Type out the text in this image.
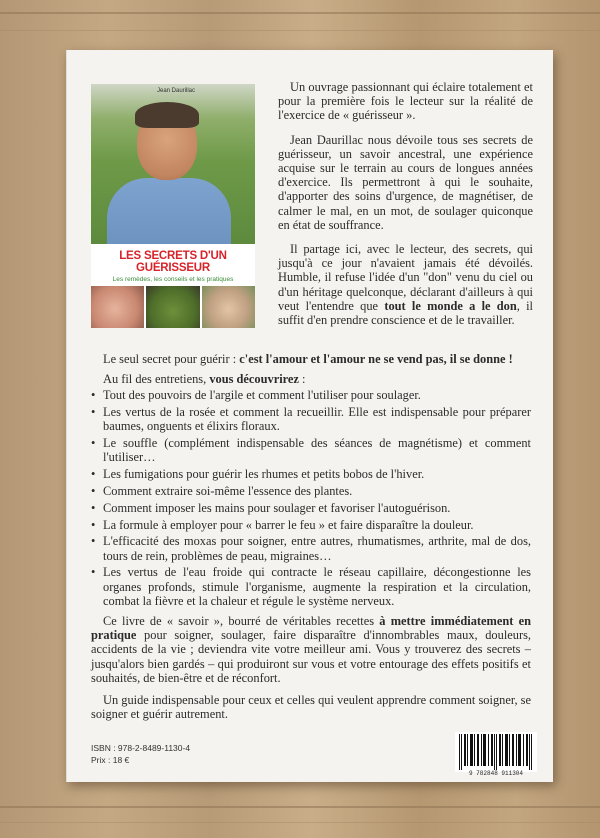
Jean Daurillac
LES SECRETS D'UN GUÉRISSEUR
Les remèdes, les conseils et les pratiques

Un ouvrage passionnant qui éclaire totalement et pour la première fois le lecteur sur la réalité de l'exercice de « guérisseur ».

Jean Daurillac nous dévoile tous ses secrets de guérisseur, un savoir ancestral, une expérience acquise sur le terrain au cours de longues années d'exercice. Ils permettront à qui le souhaite, d'apporter des soins d'urgence, de magnétiser, de calmer le mal, en un mot, de soulager quiconque en état de souffrance.

Il partage ici, avec le lecteur, des secrets, qui jusqu'à ce jour n'avaient jamais été dévoilés. Humble, il refuse l'idée d'un "don" venu du ciel ou d'un héritage quelconque, déclarant d'ailleurs à qui veut l'entendre que tout le monde a le don, il suffit d'en prendre conscience et de le travailler.

Le seul secret pour guérir : c'est l'amour et l'amour ne se vend pas, il se donne !

Au fil des entretiens, vous découvrirez :

• Tout des pouvoirs de l'argile et comment l'utiliser pour soulager.
• Les vertus de la rosée et comment la recueillir. Elle est indispensable pour préparer baumes, onguents et élixirs floraux.
• Le souffle (complément indispensable des séances de magnétisme) et comment l'utiliser…
• Les fumigations pour guérir les rhumes et petits bobos de l'hiver.
• Comment extraire soi-même l'essence des plantes.
• Comment imposer les mains pour soulager et favoriser l'autoguérison.
• La formule à employer pour « barrer le feu » et faire disparaître la douleur.
• L'efficacité des moxas pour soigner, entre autres, rhumatismes, arthrite, mal de dos, tours de rein, problèmes de peau, migraines…
• Les vertus de l'eau froide qui contracte le réseau capillaire, décongestionne les organes profonds, stimule l'organisme, augmente la respiration et la circulation, combat la fièvre et la chaleur et régule le système nerveux.

Ce livre de « savoir », bourré de véritables recettes à mettre immédiatement en pratique pour soigner, soulager, faire disparaître d'innombrables maux, douleurs, accidents de la vie ; deviendra vite votre meilleur ami. Vous y trouverez des secrets – jusqu'alors bien gardés – qui produiront sur vous et votre entourage des effets positifs et souhaités, de bien-être et de réconfort.

Un guide indispensable pour ceux et celles qui veulent apprendre comment soigner, se soigner et guérir autrement.

ISBN : 978-2-8489-1130-4
Prix : 18 €
9 782848 911304
